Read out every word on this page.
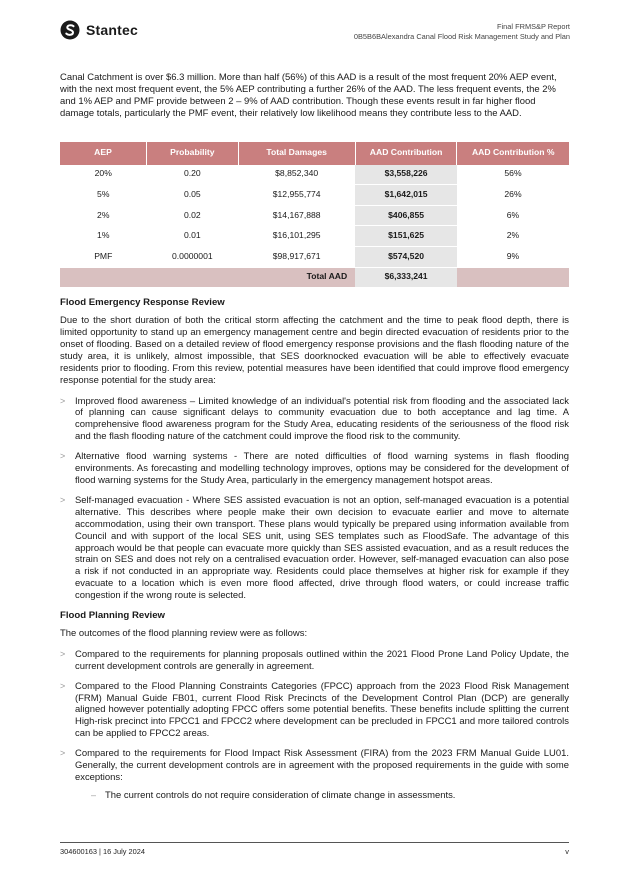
Stantec	Final FRMS&P Report
0B5B6BAlexandra Canal Flood Risk Management Study and Plan

Canal Catchment is over $6.3 million. More than half (56%) of this AAD is a result of the most frequent 20% AEP event, with the next most frequent event, the 5% AEP contributing a further 26% of the AAD. The less frequent events, the 2% and 1% AEP and PMF provide between 2 – 9% of AAD contribution. Though these events result in far higher flood damage totals, particularly the PMF event, their relatively low likelihood means they contribute less to the AAD.

AEP	Probability	Total Damages	AAD Contribution	AAD Contribution %
20%	0.20	$8,852,340	$3,558,226	56%
5%	0.05	$12,955,774	$1,642,015	26%
2%	0.02	$14,167,888	$406,855	6%
1%	0.01	$16,101,295	$151,625	2%
PMF	0.0000001	$98,917,671	$574,520	9%
Total AAD			$6,333,241	
Flood Emergency Response Review

Due to the short duration of both the critical storm affecting the catchment and the time to peak flood depth, there is limited opportunity to stand up an emergency management centre and begin directed evacuation of residents prior to the onset of flooding. Based on a detailed review of flood emergency response provisions and the flash flooding nature of the study area, it is unlikely, almost impossible, that SES doorknocked evacuation will be able to effectively evacuate residents prior to flooding. From this review, potential measures have been identified that could improve flood emergency response potential for the study area:

> Improved flood awareness – Limited knowledge of an individual's potential risk from flooding and the associated lack of planning can cause significant delays to community evacuation due to both acceptance and lag time. A comprehensive flood awareness program for the Study Area, educating residents of the seriousness of the flood risk and the flash flooding nature of the catchment could improve the flood risk to the community.
> Alternative flood warning systems - There are noted difficulties of flood warning systems in flash flooding environments. As forecasting and modelling technology improves, options may be considered for the development of flood warning systems for the Study Area, particularly in the emergency management hotspot areas.
> Self-managed evacuation - Where SES assisted evacuation is not an option, self-managed evacuation is a potential alternative. This describes where people make their own decision to evacuate earlier and move to alternate accommodation, using their own transport. These plans would typically be prepared using information available from Council and with support of the local SES unit, using SES templates such as FloodSafe. The advantage of this approach would be that people can evacuate more quickly than SES assisted evacuation, and as a result reduces the strain on SES and does not rely on a centralised evacuation order. However, self-managed evacuation can also pose a risk if not conducted in an appropriate way. Residents could place themselves at higher risk for example if they evacuate to a location which is even more flood affected, drive through flood waters, or could increase traffic congestion if the wrong route is selected.
Flood Planning Review

The outcomes of the flood planning review were as follows:

> Compared to the requirements for planning proposals outlined within the 2021 Flood Prone Land Policy Update, the current development controls are generally in agreement.
> Compared to the Flood Planning Constraints Categories (FPCC) approach from the 2023 Flood Risk Management (FRM) Manual Guide FB01, current Flood Risk Precincts of the Development Control Plan (DCP) are generally aligned however potentially adopting FPCC offers some potential benefits. These benefits include splitting the current High-risk precinct into FPCC1 and FPCC2 where development can be precluded in FPCC1 and more tailored controls can be applied to FPCC2 areas.
> Compared to the requirements for Flood Impact Risk Assessment (FIRA) from the 2023 FRM Manual Guide LU01. Generally, the current development controls are in agreement with the proposed requirements in the guide with some exceptions:
– The current controls do not require consideration of climate change in assessments.
304600163 | 16 July 2024	v
